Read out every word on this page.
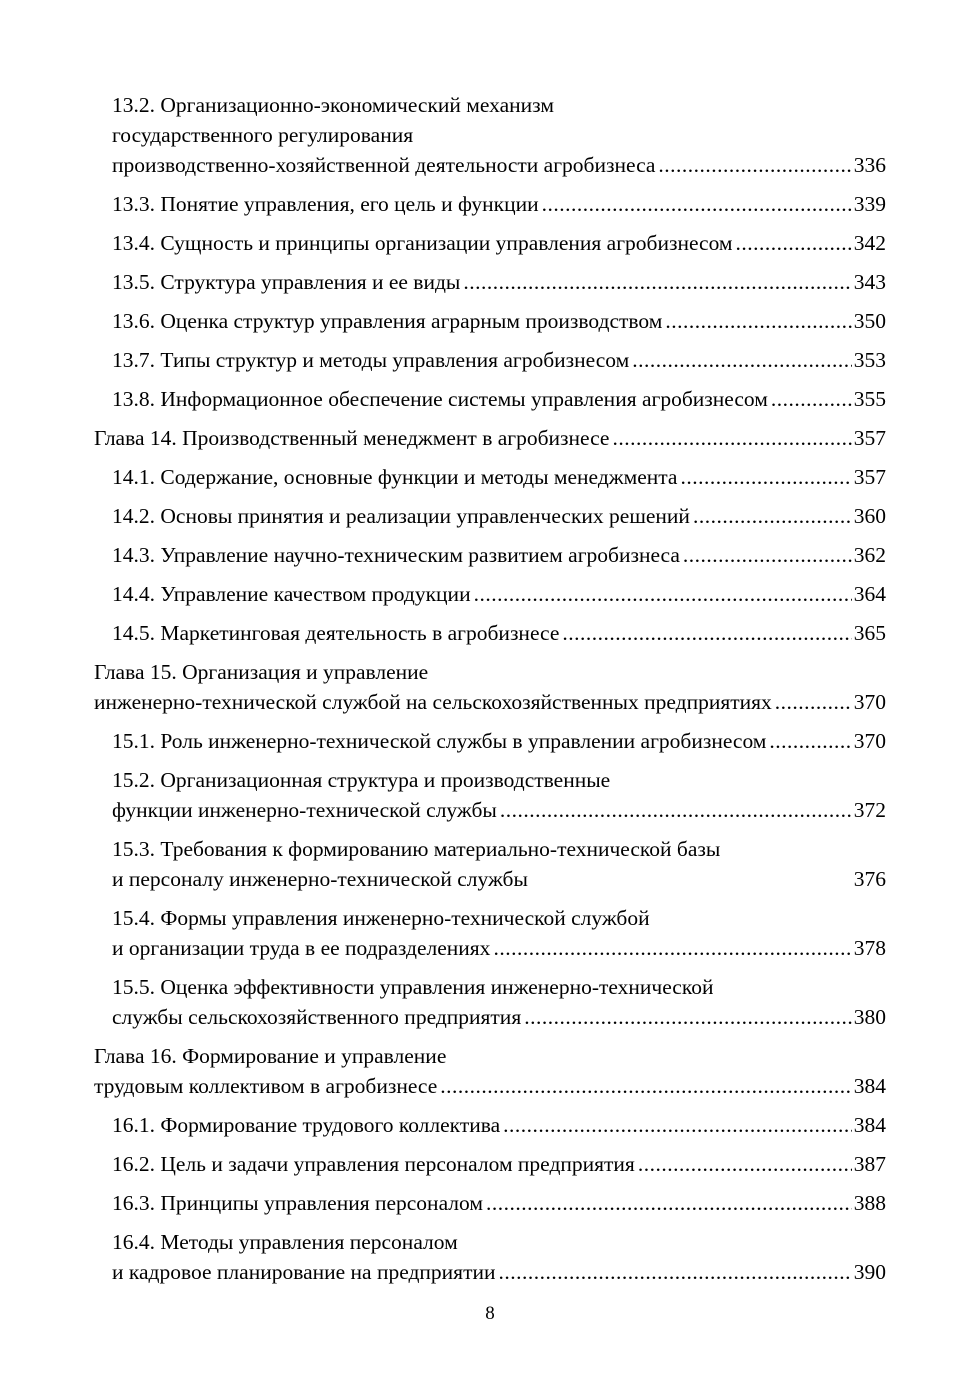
13.2. Организационно-экономический механизм
государственного регулирования
производственно-хозяйственной деятельности агробизнеса .....	336
13.3. Понятие управления, его цель и функции .....	339
13.4. Сущность и принципы организации управления агробизнесом .....	342
13.5. Структура управления и ее виды .....	343
13.6. Оценка структур управления аграрным производством .....	350
13.7. Типы структур и методы управления агробизнесом .....	353
13.8. Информационное обеспечение системы управления агробизнесом .....	355
Глава 14. Производственный менеджмент в агробизнесе .....	357
14.1. Содержание, основные функции и методы менеджмента .....	357
14.2. Основы принятия и реализации управленческих решений .....	360
14.3. Управление научно-техническим развитием агробизнеса .....	362
14.4. Управление качеством продукции .....	364
14.5. Маркетинговая деятельность в агробизнесе .....	365
Глава 15. Организация и управление
инженерно-технической службой на сельскохозяйственных предприятиях .....	370
15.1. Роль инженерно-технической службы в управлении агробизнесом .....	370
15.2. Организационная структура и производственные
функции инженерно-технической службы .....	372
15.3. Требования к формированию материально-технической базы
и персоналу инженерно-технической службы	376
15.4. Формы управления инженерно-технической службой
и организации труда в ее подразделениях .....	378
15.5. Оценка эффективности управления инженерно-технической
службы сельскохозяйственного предприятия .....	380
Глава 16. Формирование и управление
трудовым коллективом в агробизнесе .....	384
16.1. Формирование трудового коллектива .....	384
16.2. Цель и задачи управления персоналом предприятия .....	387
16.3. Принципы управления персоналом .....	388
16.4. Методы управления персоналом
и кадровое планирование на предприятии .....	390
8
